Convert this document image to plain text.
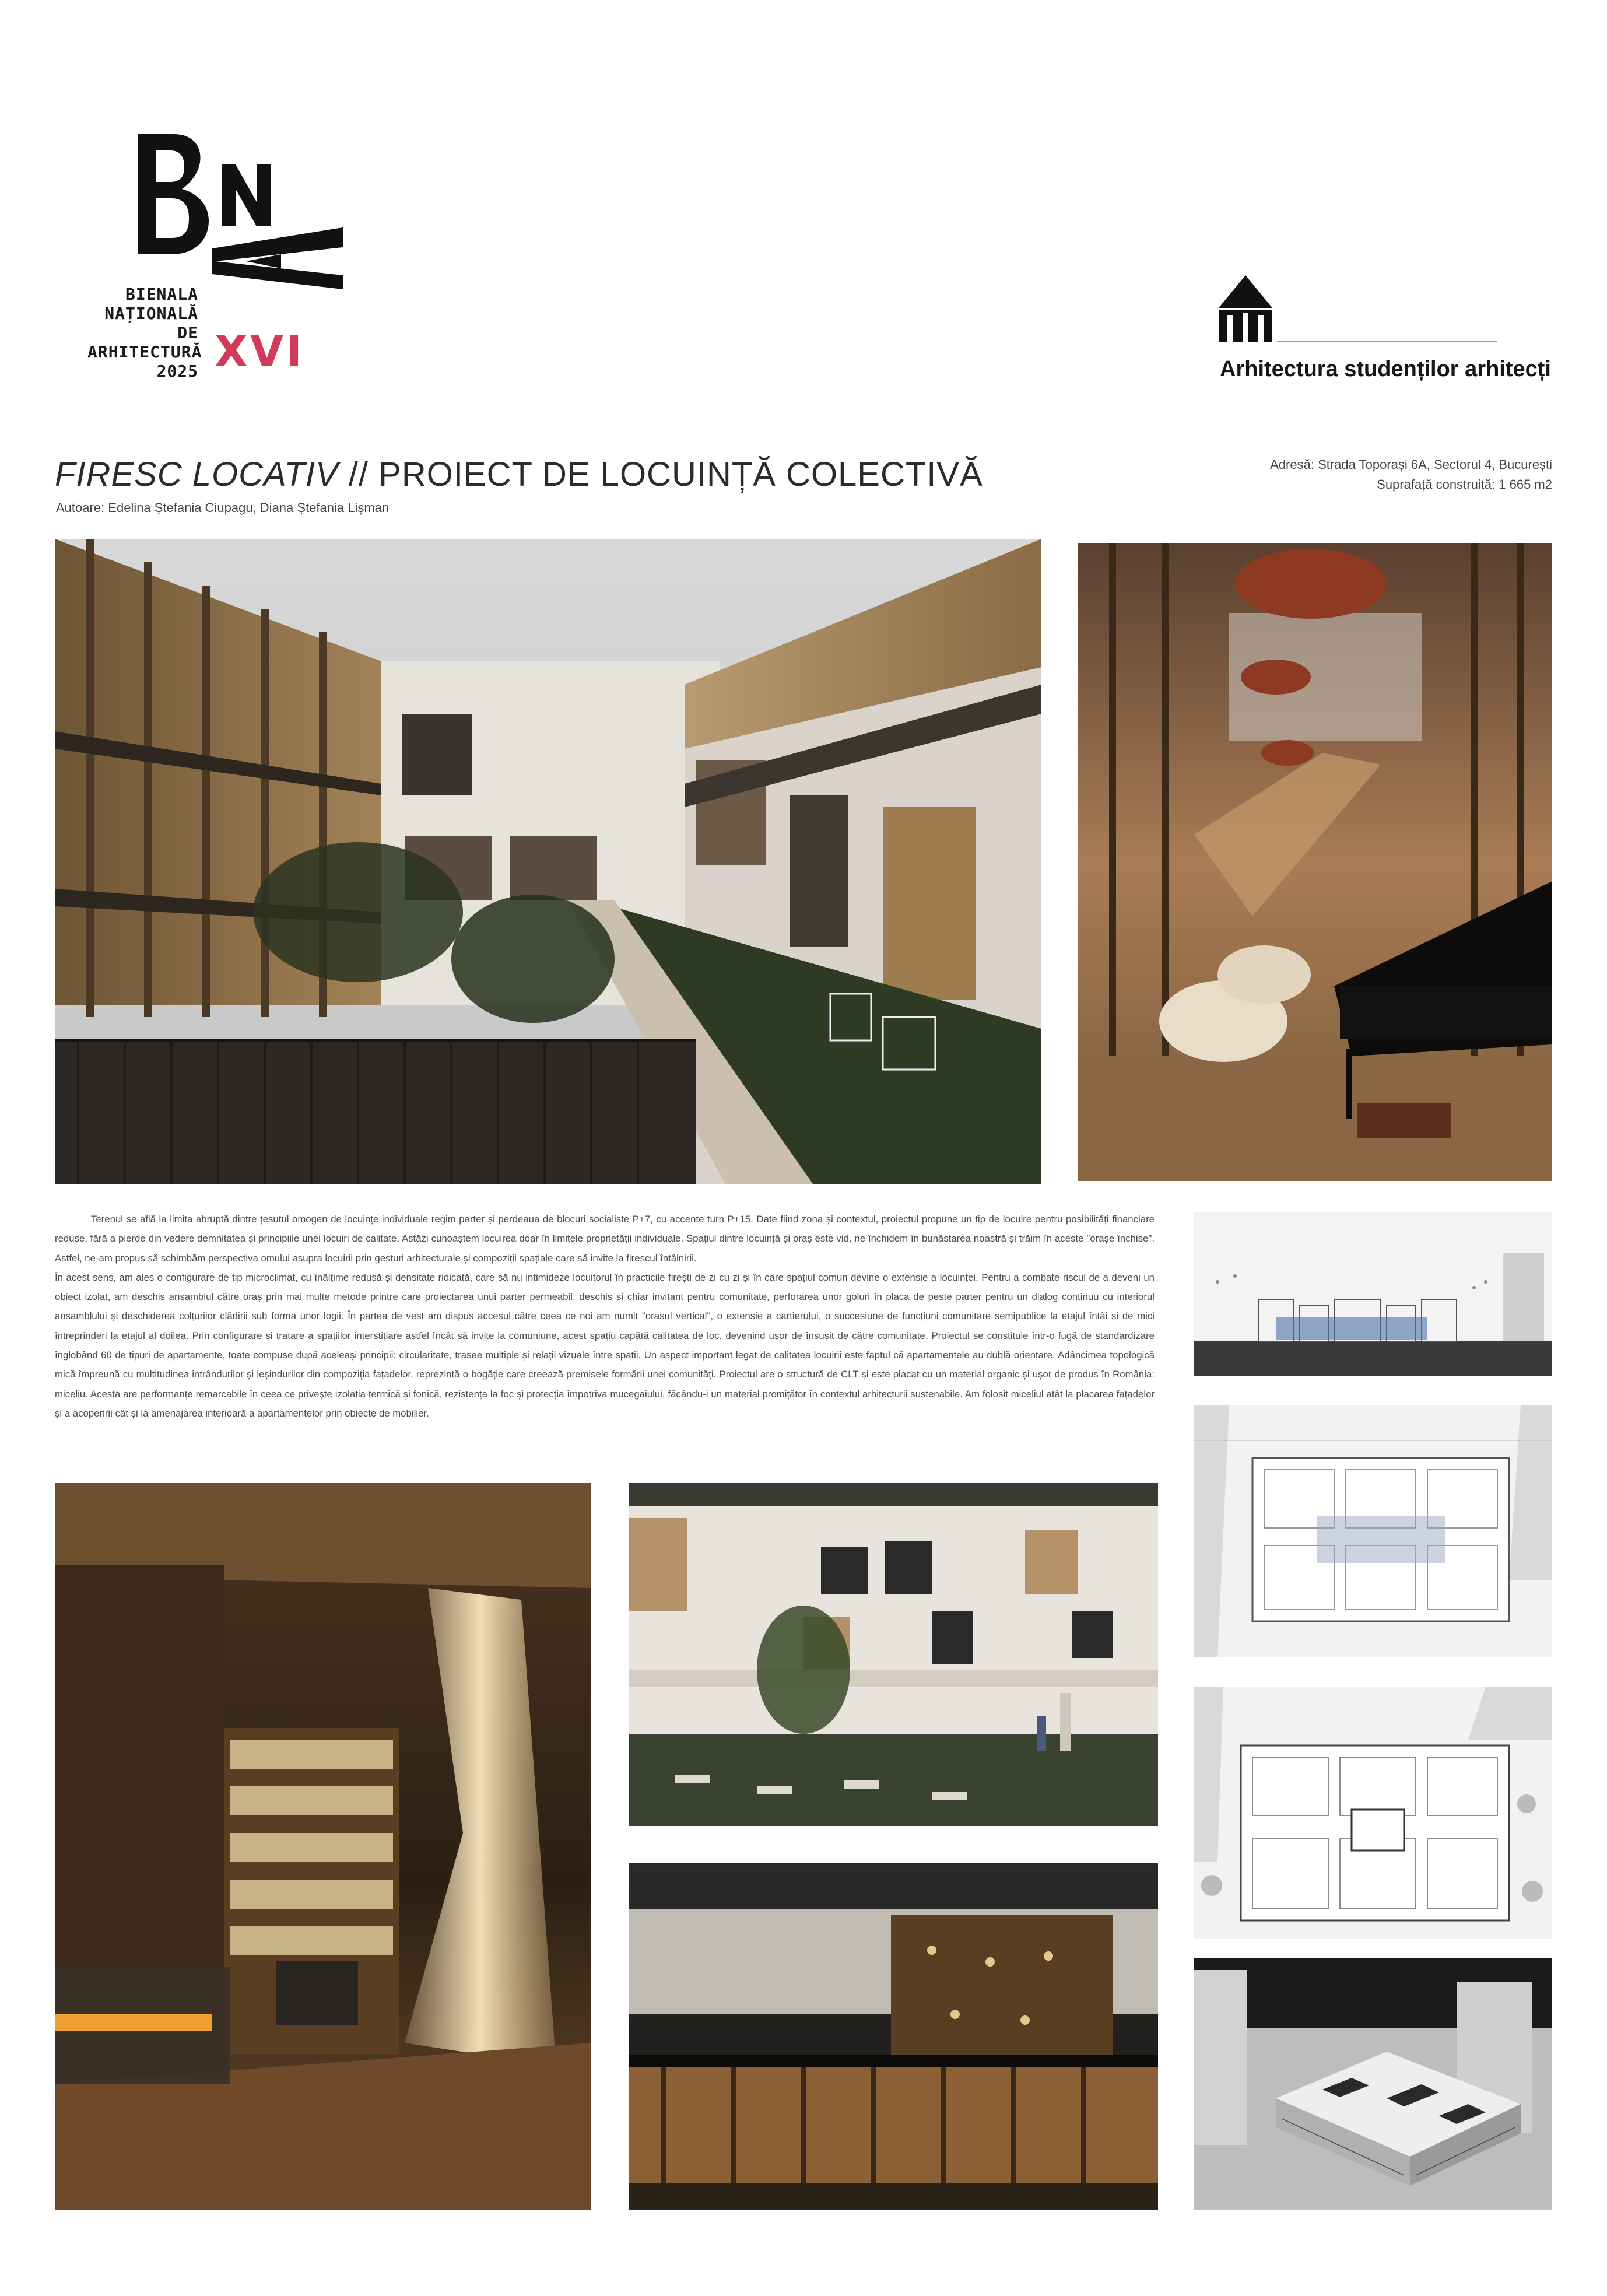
BIENALA
NAȚIONALĂ
DE
ARHITECTURĂ
2025 XVI	Arhitectura studenților arhitecți
FIRESC LOCATIV // PROIECT DE LOCUINȚĂ COLECTIVĂ
Autoare: Edelina Ștefania Ciupagu, Diana Ștefania Lișman
Adresă: Strada Toporași 6A, Sectorul 4, București
Suprafață construită: 1 665 m2

Terenul se află la limita abruptă dintre țesutul omogen de locuințe individuale regim parter și perdeaua de blocuri socialiste P+7, cu accente turn P+15. Date fiind zona și contextul, proiectul propune un tip de locuire pentru posibilități financiare reduse, fără a pierde din vedere demnitatea și principiile unei locuiri de calitate. Astăzi cunoaștem locuirea doar în limitele proprietății individuale. Spațiul dintre locuință și oraș este vid, ne închidem în bunăstarea noastră și trăim în aceste "orașe închise". Astfel, ne-am propus să schimbăm perspectiva omului asupra locuirii prin gesturi arhitecturale și compoziții spațiale care să invite la firescul întâlnirii.

În acest sens, am ales o configurare de tip microclimat, cu înălțime redusă și densitate ridicată, care să nu intimideze locuitorul în practicile firești de zi cu zi și în care spațiul comun devine o extensie a locuinței. Pentru a combate riscul de a deveni un obiect izolat, am deschis ansamblul către oraș prin mai multe metode printre care proiectarea unui parter permeabil, deschis și chiar invitant pentru comunitate, perforarea unor goluri în placa de peste parter pentru un dialog continuu cu interiorul ansamblului și deschiderea colțurilor clădirii sub forma unor logii. În partea de vest am dispus accesul către ceea ce noi am numit "orașul vertical", o extensie a cartierului, o succesiune de funcțiuni comunitare semipublice la etajul întâi și de mici întreprinderi la etajul al doilea. Prin configurare și tratare a spațiilor interstițiare astfel încât să invite la comuniune, acest spațiu capătă calitatea de loc, devenind ușor de însușit de către comunitate. Proiectul se constituie într-o fugă de standardizare înglobând 60 de tipuri de apartamente, toate compuse după aceleași principii: circularitate, trasee multiple și relații vizuale între spații. Un aspect important legat de calitatea locuirii este faptul că apartamentele au dublă orientare. Adâncimea topologică mică împreună cu multitudinea intrândurilor și ieșindurilor din compoziția fațadelor, reprezintă o bogăție care creează premisele formării unei comunități. Proiectul are o structură de CLT și este placat cu un material organic și ușor de produs în România: miceliu. Acesta are performanțe remarcabile în ceea ce privește izolația termică și fonică, rezistența la foc și protecția împotriva mucegaiului, făcându-i un material promițător în contextul arhitecturii sustenabile. Am folosit miceliul atât la placarea fațadelor și a acoperirii cât și la amenajarea interioară a apartamentelor prin obiecte de mobilier.
